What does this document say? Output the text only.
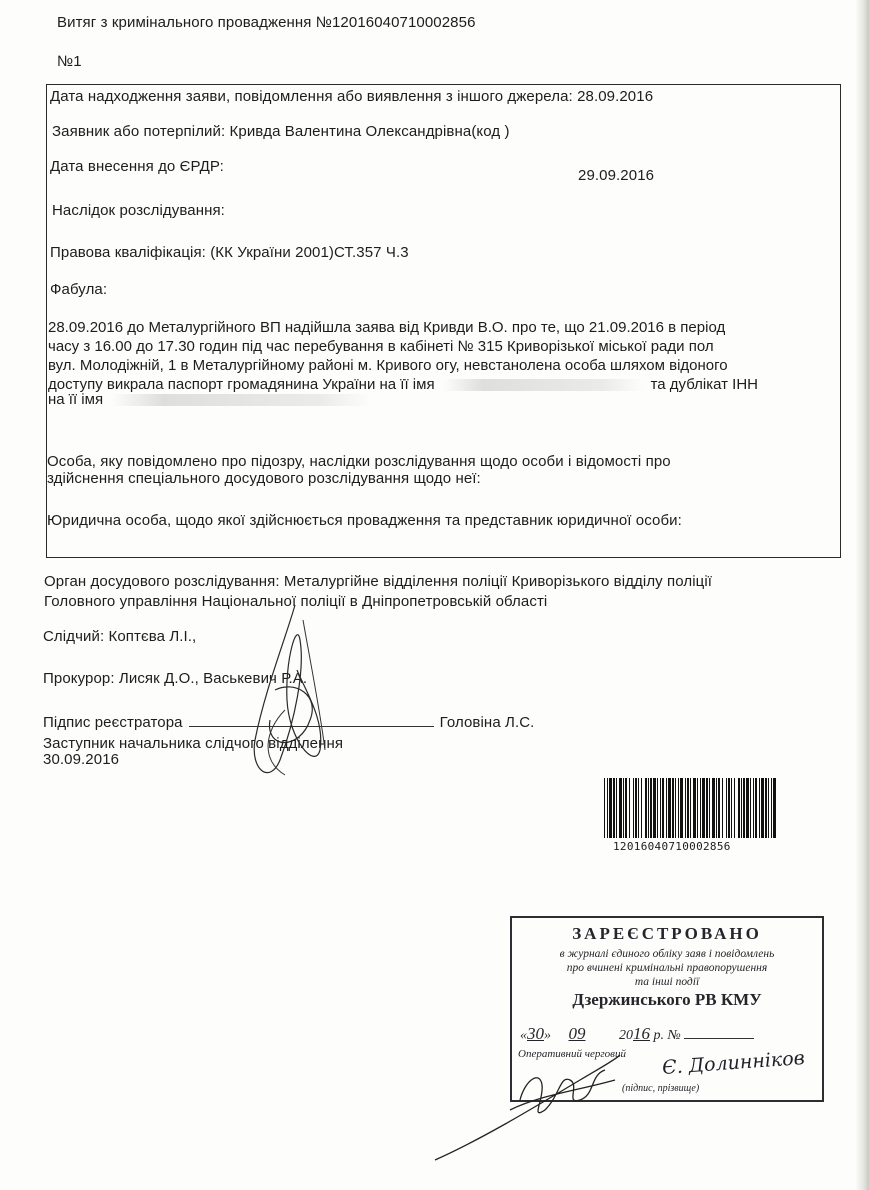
Витяг з кримінального провадження №12016040710002856
№1
Дата надходження заяви, повідомлення або виявлення з іншого джерела: 28.09.2016
Заявник або потерпілий: Кривда Валентина Олександрівна(код )
Дата внесення до ЄРДР:
29.09.2016
Наслідок розслідування:
Правова кваліфікація: (КК України 2001)СТ.357 Ч.3
Фабула:
28.09.2016 до Металургійного ВП надійшла заява від Кривди В.О. про те, що 21.09.2016 в період
часу з 16.00 до 17.30 годин під час перебування в кабінеті № 315 Криворізької міської ради пол
вул. Молодіжній, 1 в Металургійному районі м. Кривого огу, невстанолена особа шляхом відоного
доступу викрала паспорт громадянина України на її імя	та дублікат ІНН
на її імя
Особа, яку повідомлено про підозру, наслідки розслідування щодо особи і відомості про
здійснення спеціального досудового розслідування щодо неї:
Юридична особа, щодо якої здійснюється провадження та представник юридичної особи:
Орган досудового розслідування: Металургійне відділення поліції Криворізького відділу поліції
Головного управління Національної поліції в Дніпропетровській області
Слідчий: Коптєва Л.І.,
Прокурор: Лисяк Д.О., Васькевич Р.А.
Підпис реєстратора	Головіна Л.С.
Заступник начальника слідчого відділення
30.09.2016
12016040710002856
ЗАРЕЄСТРОВАНО
в журналі єдиного обліку заяв і повідомлень
про вчинені кримінальні правопорушення
та інші події
Дзержинського РВ КМУ
«30» 09 2016 р. №
Оперативний черговий Є. Долинніков
(підпис, прізвище)
